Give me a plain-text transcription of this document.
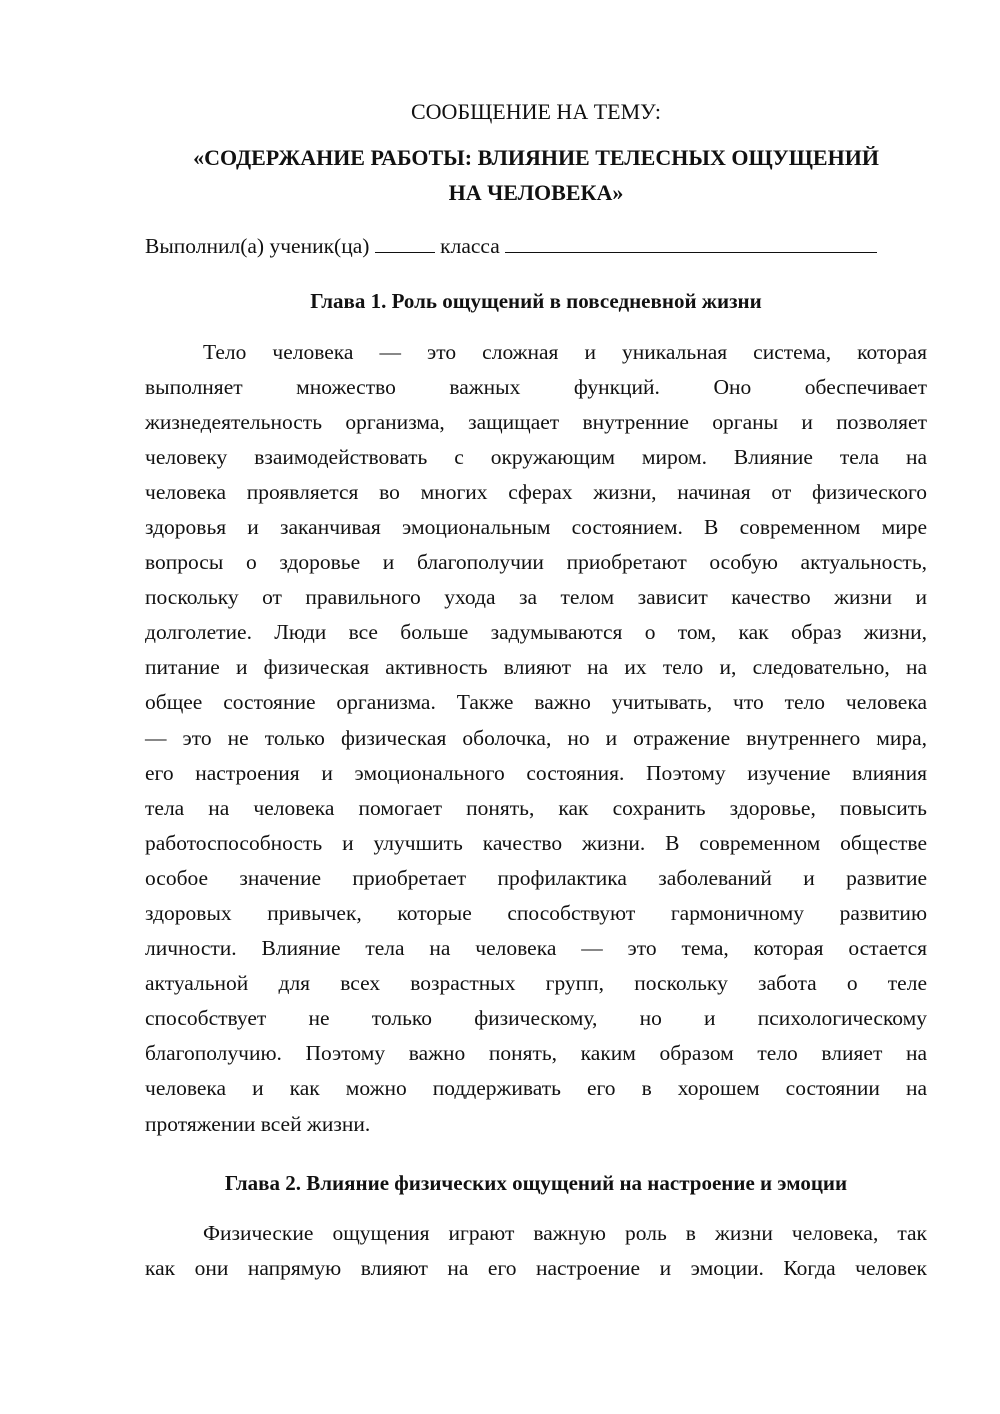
СООБЩЕНИЕ НА ТЕМУ:
«СОДЕРЖАНИЕ РАБОТЫ: ВЛИЯНИЕ ТЕЛЕСНЫХ ОЩУЩЕНИЙ
НА ЧЕЛОВЕКА»
Выполнил(а) ученик(ца)	класса
Глава 1. Роль ощущений в повседневной жизни
Тело человека — это сложная и уникальная система, которая
выполняет множество важных функций. Оно обеспечивает
жизнедеятельность организма, защищает внутренние органы и позволяет
человеку взаимодействовать с окружающим миром. Влияние тела на
человека проявляется во многих сферах жизни, начиная от физического
здоровья и заканчивая эмоциональным состоянием. В современном мире
вопросы о здоровье и благополучии приобретают особую актуальность,
поскольку от правильного ухода за телом зависит качество жизни и
долголетие. Люди все больше задумываются о том, как образ жизни,
питание и физическая активность влияют на их тело и, следовательно, на
общее состояние организма. Также важно учитывать, что тело человека
— это не только физическая оболочка, но и отражение внутреннего мира,
его настроения и эмоционального состояния. Поэтому изучение влияния
тела на человека помогает понять, как сохранить здоровье, повысить
работоспособность и улучшить качество жизни. В современном обществе
особое значение приобретает профилактика заболеваний и развитие
здоровых привычек, которые способствуют гармоничному развитию
личности. Влияние тела на человека — это тема, которая остается
актуальной для всех возрастных групп, поскольку забота о теле
способствует не только физическому, но и психологическому
благополучию. Поэтому важно понять, каким образом тело влияет на
человека и как можно поддерживать его в хорошем состоянии на
протяжении всей жизни.
Глава 2. Влияние физических ощущений на настроение и эмоции
Физические ощущения играют важную роль в жизни человека, так
как они напрямую влияют на его настроение и эмоции. Когда человек
